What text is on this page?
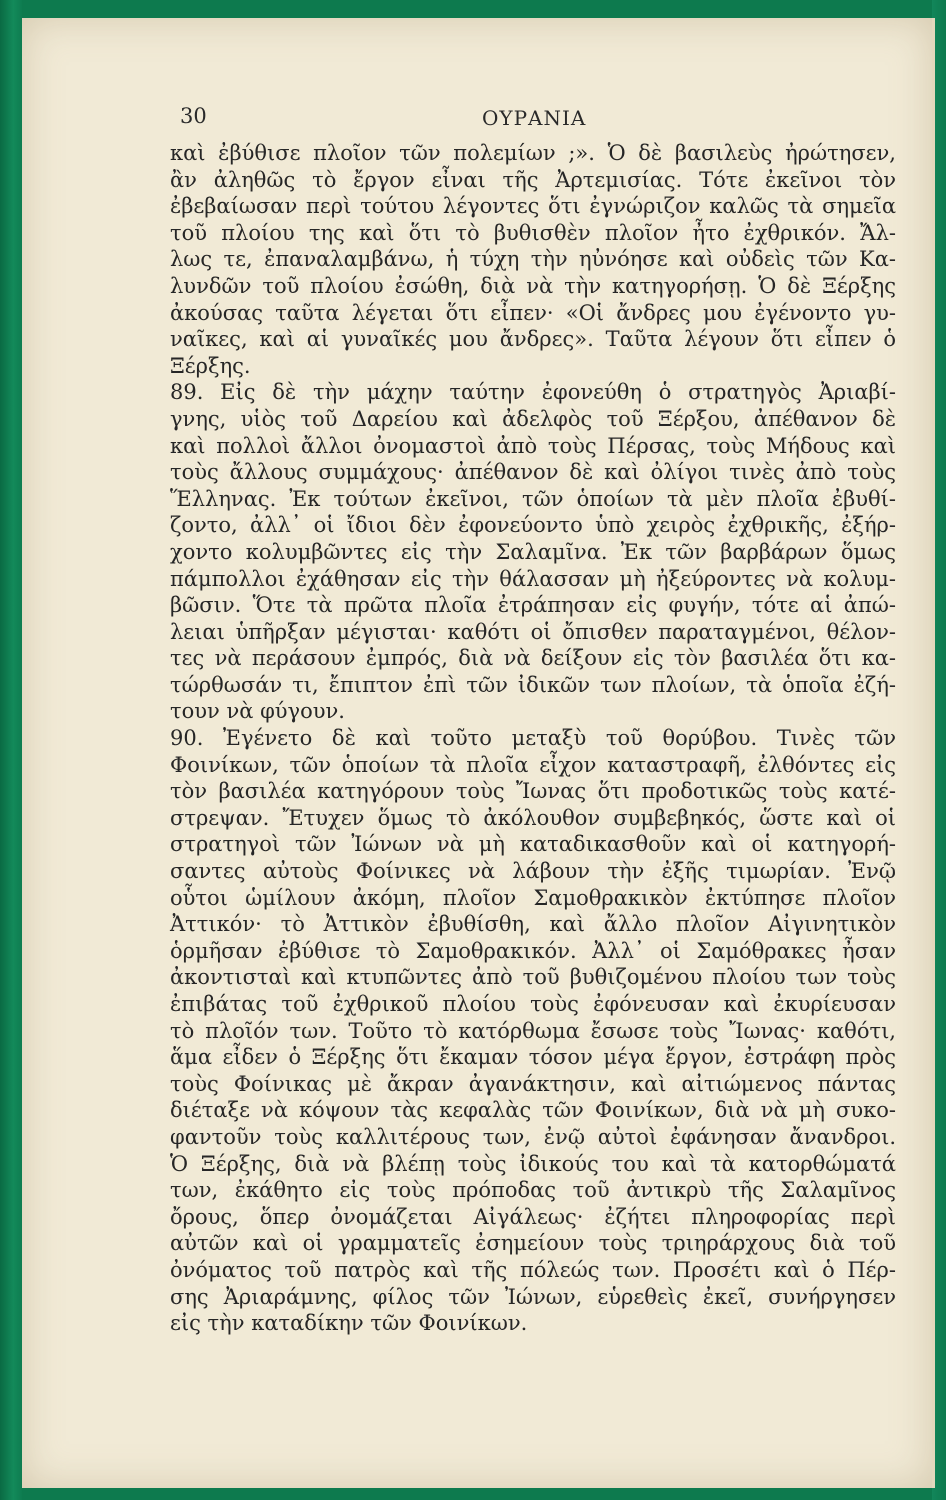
30	ΟΥΡΑΝΙΑ
καὶ ἐβύθισε πλοῖον τῶν πολεμίων ;». Ὁ δὲ βασιλεὺς ἠρώτησεν,
ἂν ἀληθῶς τὸ ἔργον εἶναι τῆς Ἀρτεμισίας. Τότε ἐκεῖνοι τὸν
ἐβεβαίωσαν περὶ τούτου λέγοντες ὅτι ἐγνώριζον καλῶς τὰ σημεῖα
τοῦ πλοίου της καὶ ὅτι τὸ βυθισθὲν πλοῖον ἦτο ἐχθρικόν. Ἄλ-
λως τε, ἐπαναλαμβάνω, ἡ τύχη τὴν ηὐνόησε καὶ οὐδεὶς τῶν Κα-
λυνδῶν τοῦ πλοίου ἐσώθη, διὰ νὰ τὴν κατηγορήσῃ. Ὁ δὲ Ξέρξης
ἀκούσας ταῦτα λέγεται ὅτι εἶπεν· «Οἱ ἄνδρες μου ἐγένοντο γυ-
ναῖκες, καὶ αἱ γυναῖκές μου ἄνδρες». Ταῦτα λέγουν ὅτι εἶπεν ὁ
Ξέρξης.
89. Εἰς δὲ τὴν μάχην ταύτην ἐφονεύθη ὁ στρατηγὸς Ἀριαβί-
γνης, υἱὸς τοῦ Δαρείου καὶ ἀδελφὸς τοῦ Ξέρξου, ἀπέθανον δὲ
καὶ πολλοὶ ἄλλοι ὀνομαστοὶ ἀπὸ τοὺς Πέρσας, τοὺς Μήδους καὶ
τοὺς ἄλλους συμμάχους· ἀπέθανον δὲ καὶ ὀλίγοι τινὲς ἀπὸ τοὺς
Ἕλληνας. Ἐκ τούτων ἐκεῖνοι, τῶν ὁποίων τὰ μὲν πλοῖα ἐβυθί-
ζοντο, ἀλλ᾽ οἱ ἴδιοι δὲν ἐφονεύοντο ὑπὸ χειρὸς ἐχθρικῆς, ἐξήρ-
χοντο κολυμβῶντες εἰς τὴν Σαλαμῖνα. Ἐκ τῶν βαρβάρων ὅμως
πάμπολλοι ἐχάθησαν εἰς τὴν θάλασσαν μὴ ἠξεύροντες νὰ κολυμ-
βῶσιν. Ὅτε τὰ πρῶτα πλοῖα ἐτράπησαν εἰς φυγήν, τότε αἱ ἀπώ-
λειαι ὑπῆρξαν μέγισται· καθότι οἱ ὄπισθεν παραταγμένοι, θέλον-
τες νὰ περάσουν ἐμπρός, διὰ νὰ δείξουν εἰς τὸν βασιλέα ὅτι κα-
τώρθωσάν τι, ἔπιπτον ἐπὶ τῶν ἰδικῶν των πλοίων, τὰ ὁποῖα ἐζή-
τουν νὰ φύγουν.
90. Ἐγένετο δὲ καὶ τοῦτο μεταξὺ τοῦ θορύβου. Τινὲς τῶν
Φοινίκων, τῶν ὁποίων τὰ πλοῖα εἶχον καταστραφῆ, ἐλθόντες εἰς
τὸν βασιλέα κατηγόρουν τοὺς Ἴωνας ὅτι προδοτικῶς τοὺς κατέ-
στρεψαν. Ἔτυχεν ὅμως τὸ ἀκόλουθον συμβεβηκός, ὥστε καὶ οἱ
στρατηγοὶ τῶν Ἰώνων νὰ μὴ καταδικασθοῦν καὶ οἱ κατηγορή-
σαντες αὐτοὺς Φοίνικες νὰ λάβουν τὴν ἐξῆς τιμωρίαν. Ἐνῷ
οὗτοι ὡμίλουν ἀκόμη, πλοῖον Σαμοθρακικὸν ἐκτύπησε πλοῖον
Ἀττικόν· τὸ Ἀττικὸν ἐβυθίσθη, καὶ ἄλλο πλοῖον Αἰγινητικὸν
ὁρμῆσαν ἐβύθισε τὸ Σαμοθρακικόν. Ἀλλ᾽ οἱ Σαμόθρακες ἦσαν
ἀκοντισταὶ καὶ κτυπῶντες ἀπὸ τοῦ βυθιζομένου πλοίου των τοὺς
ἐπιβάτας τοῦ ἐχθρικοῦ πλοίου τοὺς ἐφόνευσαν καὶ ἐκυρίευσαν
τὸ πλοῖόν των. Τοῦτο τὸ κατόρθωμα ἔσωσε τοὺς Ἴωνας· καθότι,
ἅμα εἶδεν ὁ Ξέρξης ὅτι ἔκαμαν τόσον μέγα ἔργον, ἐστράφη πρὸς
τοὺς Φοίνικας μὲ ἄκραν ἀγανάκτησιν, καὶ αἰτιώμενος πάντας
διέταξε νὰ κόψουν τὰς κεφαλὰς τῶν Φοινίκων, διὰ νὰ μὴ συκο-
φαντοῦν τοὺς καλλιτέρους των, ἐνῷ αὐτοὶ ἐφάνησαν ἄνανδροι.
Ὁ Ξέρξης, διὰ νὰ βλέπῃ τοὺς ἰδικούς του καὶ τὰ κατορθώματά
των, ἐκάθητο εἰς τοὺς πρόποδας τοῦ ἀντικρὺ τῆς Σαλαμῖνος
ὄρους, ὅπερ ὀνομάζεται Αἰγάλεως· ἐζήτει πληροφορίας περὶ
αὐτῶν καὶ οἱ γραμματεῖς ἐσημείουν τοὺς τριηράρχους διὰ τοῦ
ὀνόματος τοῦ πατρὸς καὶ τῆς πόλεώς των. Προσέτι καὶ ὁ Πέρ-
σης Ἀριαράμνης, φίλος τῶν Ἰώνων, εὑρεθεὶς ἐκεῖ, συνήργησεν
εἰς τὴν καταδίκην τῶν Φοινίκων.
